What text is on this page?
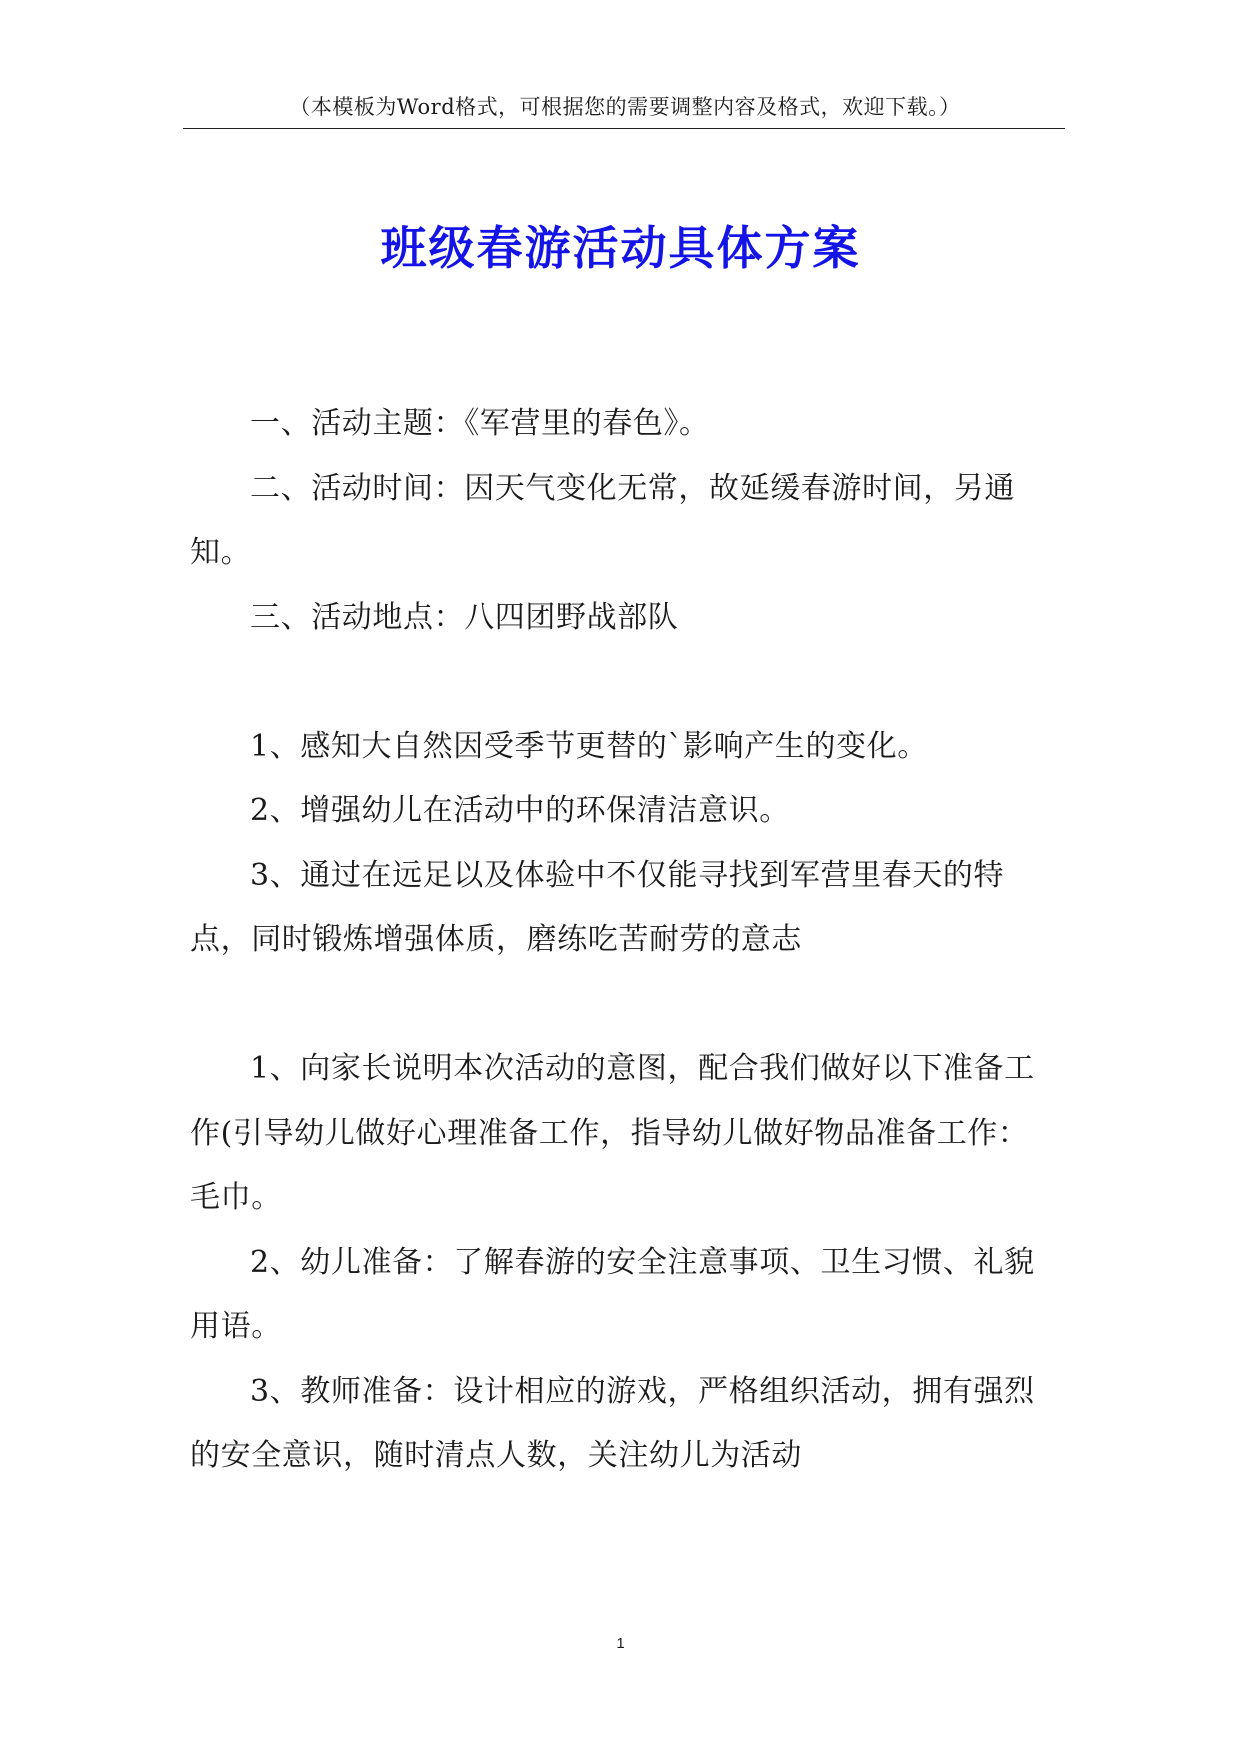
（本模板为Word格式，可根据您的需要调整内容及格式，欢迎下载。）
班级春游活动具体方案

一、活动主题：《军营里的春色》。

二、活动时间：因天气变化无常，故延缓春游时间，另通知。

三、活动地点：八四团野战部队

1、感知大自然因受季节更替的`影响产生的变化。

2、增强幼儿在活动中的环保清洁意识。

3、通过在远足以及体验中不仅能寻找到军营里春天的特点，同时锻炼增强体质，磨练吃苦耐劳的意志

1、向家长说明本次活动的意图，配合我们做好以下准备工作(引导幼儿做好心理准备工作，指导幼儿做好物品准备工作：毛巾。

2、幼儿准备：了解春游的安全注意事项、卫生习惯、礼貌用语。

3、教师准备：设计相应的游戏，严格组织活动，拥有强烈的安全意识，随时清点人数，关注幼儿为活动

1
